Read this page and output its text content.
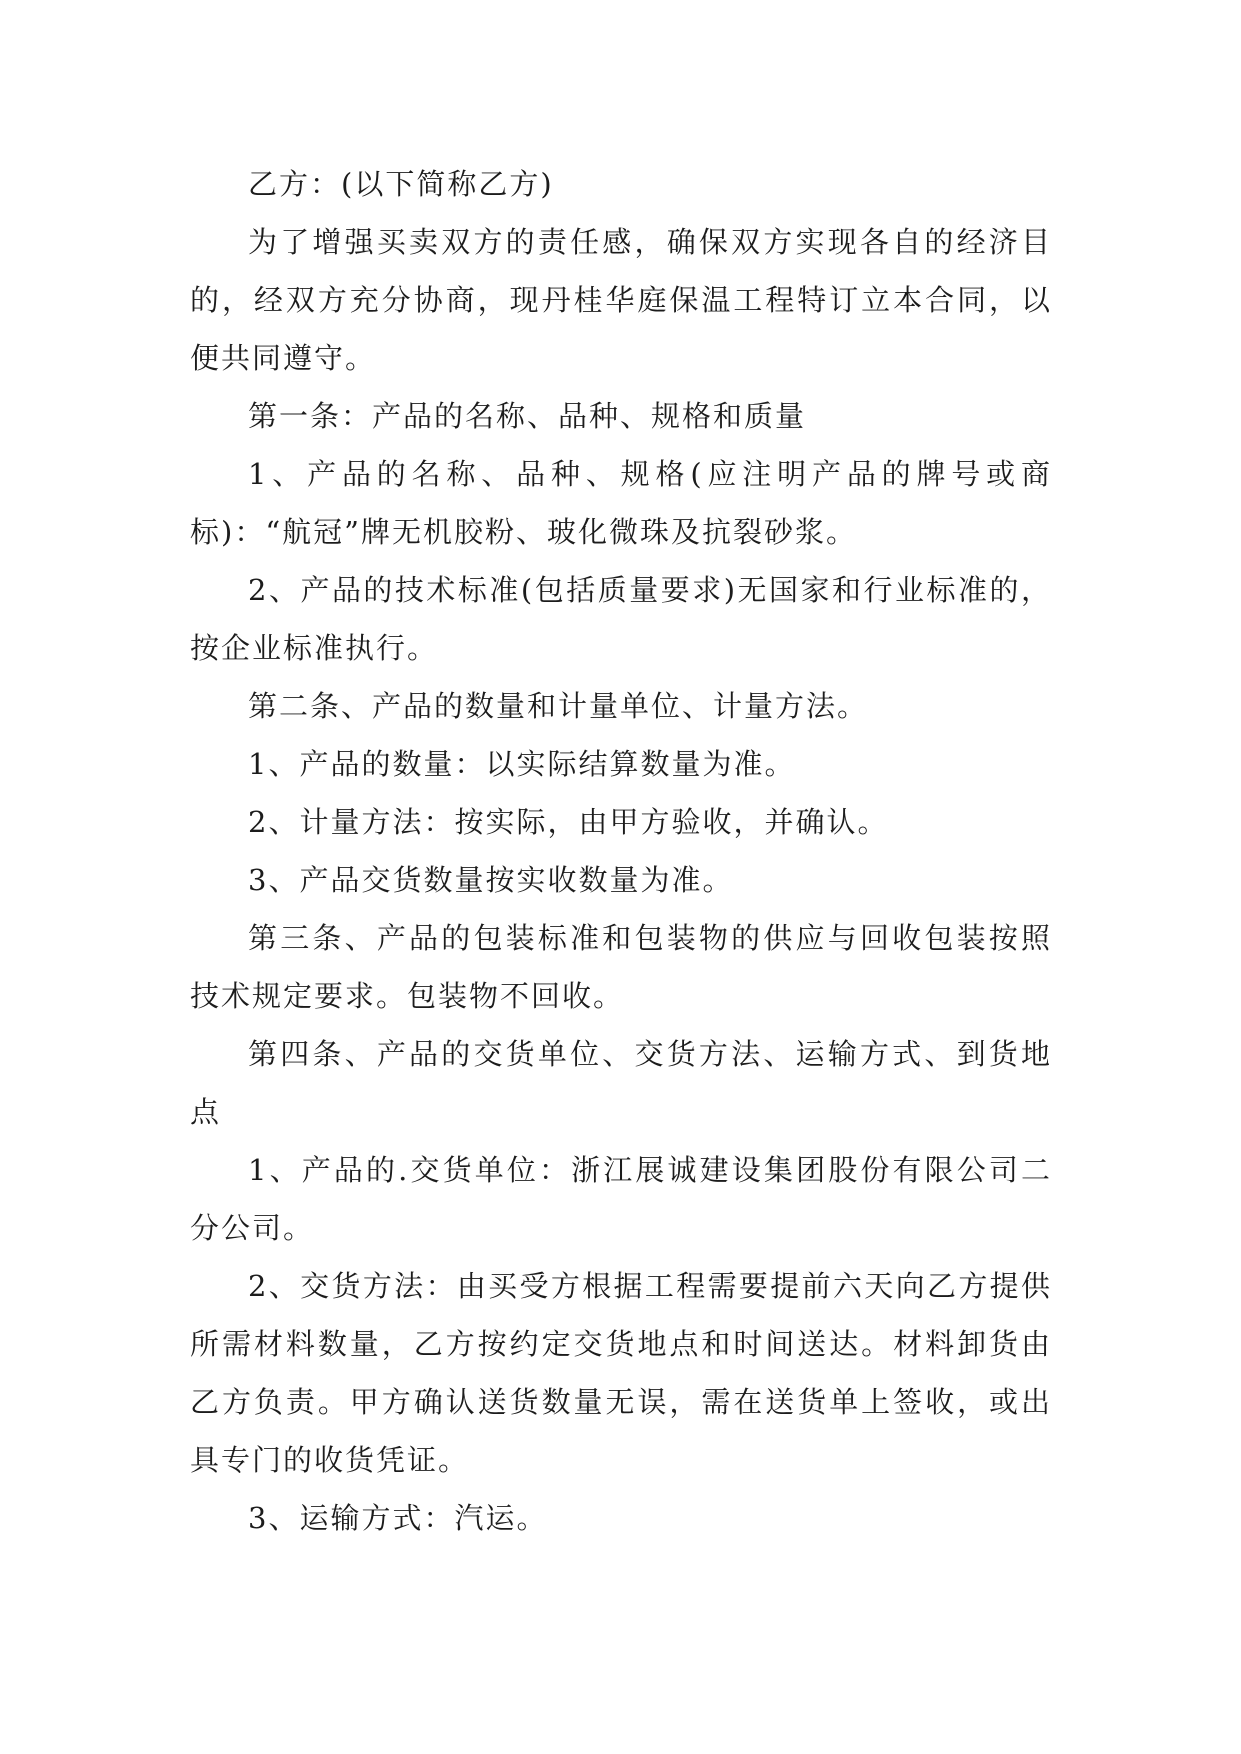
乙方：(以下简称乙方)

为了增强买卖双方的责任感，确保双方实现各自的经济目的，经双方充分协商，现丹桂华庭保温工程特订立本合同，以便共同遵守。

第一条：产品的名称、品种、规格和质量

1、产品的名称、品种、规格(应注明产品的牌号或商标)：“航冠”牌无机胶粉、玻化微珠及抗裂砂浆。

2、产品的技术标准(包括质量要求)无国家和行业标准的，按企业标准执行。

第二条、产品的数量和计量单位、计量方法。

1、产品的数量：以实际结算数量为准。

2、计量方法：按实际，由甲方验收，并确认。

3、产品交货数量按实收数量为准。

第三条、产品的包装标准和包装物的供应与回收包装按照技术规定要求。包装物不回收。

第四条、产品的交货单位、交货方法、运输方式、到货地点

1、产品的.交货单位：浙江展诚建设集团股份有限公司二分公司。

2、交货方法：由买受方根据工程需要提前六天向乙方提供所需材料数量，乙方按约定交货地点和时间送达。材料卸货由乙方负责。甲方确认送货数量无误，需在送货单上签收，或出具专门的收货凭证。

3、运输方式：汽运。
